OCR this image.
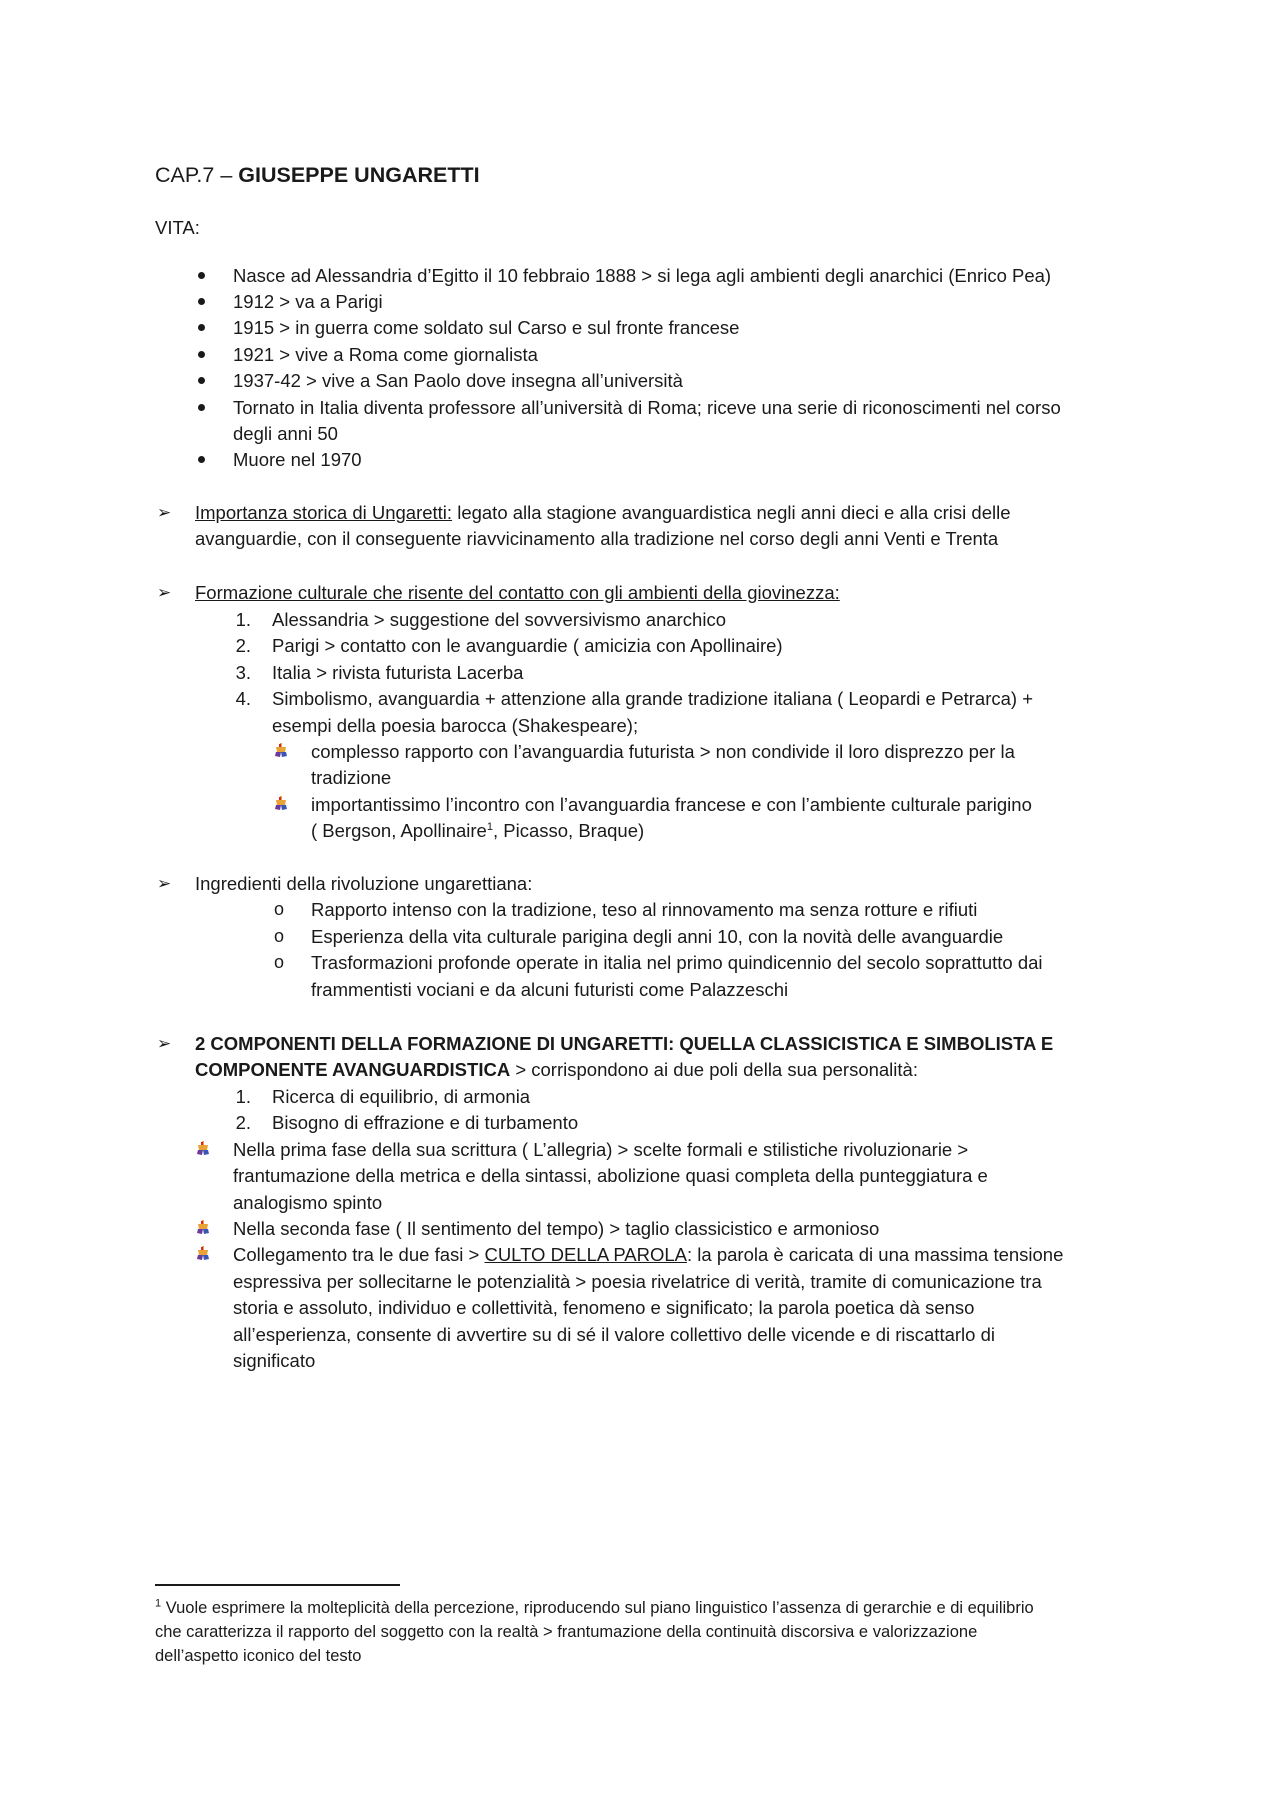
CAP.7 – GIUSEPPE UNGARETTI
VITA:
Nasce ad Alessandria d’Egitto il 10 febbraio 1888 > si lega agli ambienti degli anarchici (Enrico Pea)
1912 > va a Parigi
1915 > in guerra come soldato sul Carso e sul fronte francese
1921 > vive a Roma come giornalista
1937-42 > vive a San Paolo dove insegna all’università
Tornato in Italia diventa professore all’università di Roma; riceve una serie di riconoscimenti nel corso
degli anni 50
Muore nel 1970
➢ Importanza storica di Ungaretti: legato alla stagione avanguardistica negli anni dieci e alla crisi delle
avanguardie, con il conseguente riavvicinamento alla tradizione nel corso degli anni Venti e Trenta
➢ Formazione culturale che risente del contatto con gli ambienti della giovinezza:
1. Alessandria > suggestione del sovversivismo anarchico
2. Parigi > contatto con le avanguardie ( amicizia con Apollinaire)
3. Italia > rivista futurista Lacerba
4. Simbolismo, avanguardia + attenzione alla grande tradizione italiana ( Leopardi e Petrarca) +
esempi della poesia barocca (Shakespeare);
complesso rapporto con l’avanguardia futurista > non condivide il loro disprezzo per la
tradizione
importantissimo l’incontro con l’avanguardia francese e con l’ambiente culturale parigino
( Bergson, Apollinaire$^1$, Picasso, Braque)
➢ Ingredienti della rivoluzione ungarettiana:
o Rapporto intenso con la tradizione, teso al rinnovamento ma senza rotture e rifiuti
o Esperienza della vita culturale parigina degli anni 10, con la novità delle avanguardie
o Trasformazioni profonde operate in italia nel primo quindicennio del secolo soprattutto dai
frammentisti vociani e da alcuni futuristi come Palazzeschi
➢ 2 COMPONENTI DELLA FORMAZIONE DI UNGARETTI: QUELLA CLASSICISTICA E SIMBOLISTA E
COMPONENTE AVANGUARDISTICA > corrispondono ai due poli della sua personalità:
1. Ricerca di equilibrio, di armonia
2. Bisogno di effrazione e di turbamento
Nella prima fase della sua scrittura ( L’allegria) > scelte formali e stilistiche rivoluzionarie >
frantumazione della metrica e della sintassi, abolizione quasi completa della punteggiatura e
analogismo spinto
Nella seconda fase ( Il sentimento del tempo) > taglio classicistico e armonioso
Collegamento tra le due fasi > CULTO DELLA PAROLA: la parola è caricata di una massima tensione
espressiva per sollecitarne le potenzialità > poesia rivelatrice di verità, tramite di comunicazione tra
storia e assoluto, individuo e collettività, fenomeno e significato; la parola poetica dà senso
all’esperienza, consente di avvertire su di sé il valore collettivo delle vicende e di riscattarlo di
significato
$^1$ Vuole esprimere la molteplicità della percezione, riproducendo sul piano linguistico l’assenza di gerarchie e di equilibrio
che caratterizza il rapporto del soggetto con la realtà > frantumazione della continuità discorsiva e valorizzazione
dell’aspetto iconico del testo
